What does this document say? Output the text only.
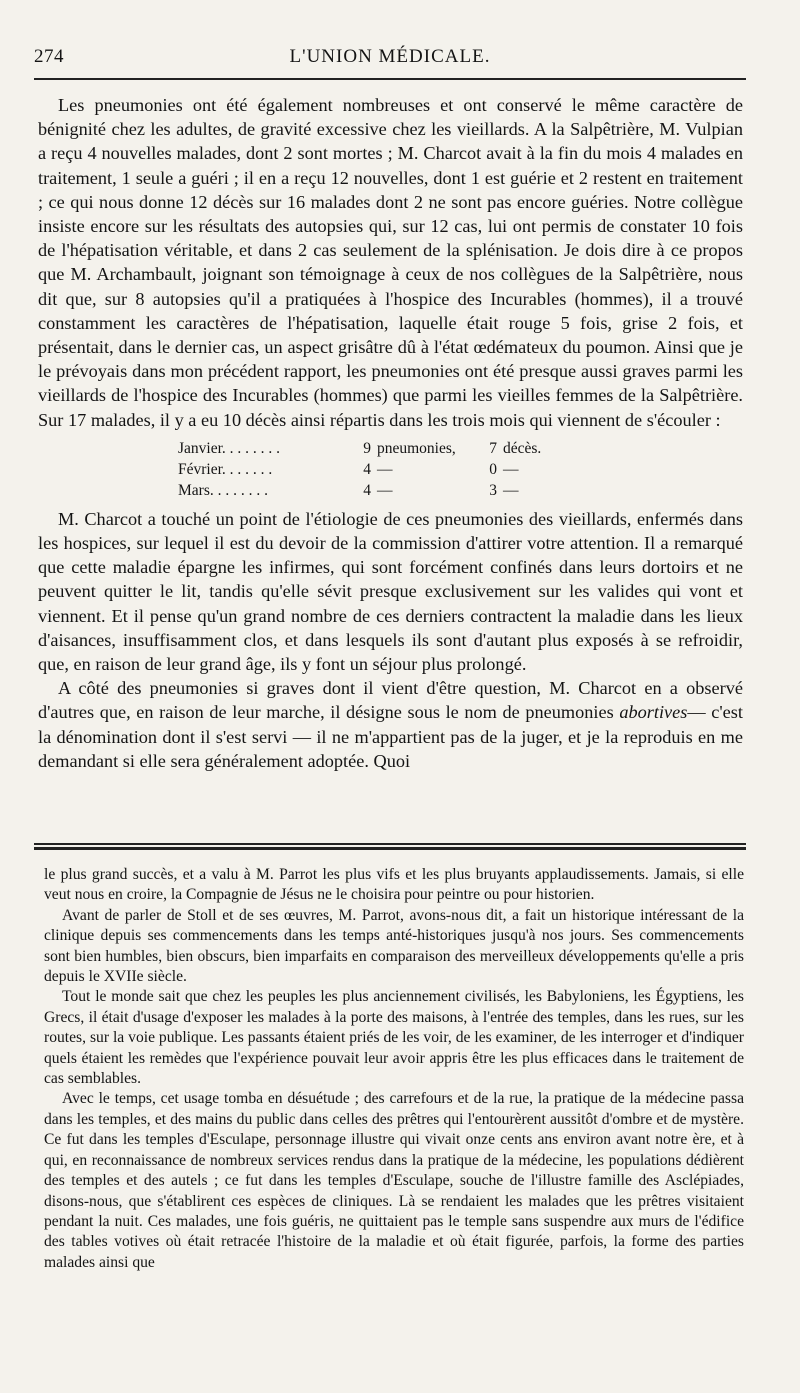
274	L'UNION MÉDICALE.

Les pneumonies ont été également nombreuses et ont conservé le même caractère de bénignité chez les adultes, de gravité excessive chez les vieillards. A la Salpêtrière, M. Vulpian a reçu 4 nouvelles malades, dont 2 sont mortes ; M. Charcot avait à la fin du mois 4 malades en traitement, 1 seule a guéri ; il en a reçu 12 nouvelles, dont 1 est guérie et 2 restent en traitement ; ce qui nous donne 12 décès sur 16 malades dont 2 ne sont pas encore guéries. Notre collègue insiste encore sur les résultats des autopsies qui, sur 12 cas, lui ont permis de constater 10 fois de l'hépatisation véritable, et dans 2 cas seulement de la splénisation. Je dois dire à ce propos que M. Archambault, joignant son témoignage à ceux de nos collègues de la Salpêtrière, nous dit que, sur 8 autopsies qu'il a pratiquées à l'hospice des Incurables (hommes), il a trouvé constamment les caractères de l'hépatisation, laquelle était rouge 5 fois, grise 2 fois, et présentait, dans le dernier cas, un aspect grisâtre dû à l'état œdémateux du poumon. Ainsi que je le prévoyais dans mon précédent rapport, les pneumonies ont été presque aussi graves parmi les vieillards de l'hospice des Incurables (hommes) que parmi les vieilles femmes de la Salpêtrière. Sur 17 malades, il y a eu 10 décès ainsi répartis dans les trois mois qui viennent de s'écouler :

Janvier. . . . . . . .	9	pneumonies,	7	décès.
Février. . . . . . .	4	—	0	—
Mars. . . . . . . .	4	—	3	—

M. Charcot a touché un point de l'étiologie de ces pneumonies des vieillards, enfermés dans les hospices, sur lequel il est du devoir de la commission d'attirer votre attention. Il a remarqué que cette maladie épargne les infirmes, qui sont forcément confinés dans leurs dortoirs et ne peuvent quitter le lit, tandis qu'elle sévit presque exclusivement sur les valides qui vont et viennent. Et il pense qu'un grand nombre de ces derniers contractent la maladie dans les lieux d'aisances, insuffisamment clos, et dans lesquels ils sont d'autant plus exposés à se refroidir, que, en raison de leur grand âge, ils y font un séjour plus prolongé.

A côté des pneumonies si graves dont il vient d'être question, M. Charcot en a observé d'autres que, en raison de leur marche, il désigne sous le nom de pneumonies abortives— c'est la dénomination dont il s'est servi — il ne m'appartient pas de la juger, et je la reproduis en me demandant si elle sera généralement adoptée. Quoi

le plus grand succès, et a valu à M. Parrot les plus vifs et les plus bruyants applaudissements. Jamais, si elle veut nous en croire, la Compagnie de Jésus ne le choisira pour peintre ou pour historien.

Avant de parler de Stoll et de ses œuvres, M. Parrot, avons-nous dit, a fait un historique intéressant de la clinique depuis ses commencements dans les temps anté-historiques jusqu'à nos jours. Ses commencements sont bien humbles, bien obscurs, bien imparfaits en comparaison des merveilleux développements qu'elle a pris depuis le XVIIe siècle.

Tout le monde sait que chez les peuples les plus anciennement civilisés, les Babyloniens, les Égyptiens, les Grecs, il était d'usage d'exposer les malades à la porte des maisons, à l'entrée des temples, dans les rues, sur les routes, sur la voie publique. Les passants étaient priés de les voir, de les examiner, de les interroger et d'indiquer quels étaient les remèdes que l'expérience pouvait leur avoir appris être les plus efficaces dans le traitement de cas semblables.

Avec le temps, cet usage tomba en désuétude ; des carrefours et de la rue, la pratique de la médecine passa dans les temples, et des mains du public dans celles des prêtres qui l'entourèrent aussitôt d'ombre et de mystère. Ce fut dans les temples d'Esculape, personnage illustre qui vivait onze cents ans environ avant notre ère, et à qui, en reconnaissance de nombreux services rendus dans la pratique de la médecine, les populations dédièrent des temples et des autels ; ce fut dans les temples d'Esculape, souche de l'illustre famille des Asclépiades, disons-nous, que s'établirent ces espèces de cliniques. Là se rendaient les malades que les prêtres visitaient pendant la nuit. Ces malades, une fois guéris, ne quittaient pas le temple sans suspendre aux murs de l'édifice des tables votives où était retracée l'histoire de la maladie et où était figurée, parfois, la forme des parties malades ainsi que
